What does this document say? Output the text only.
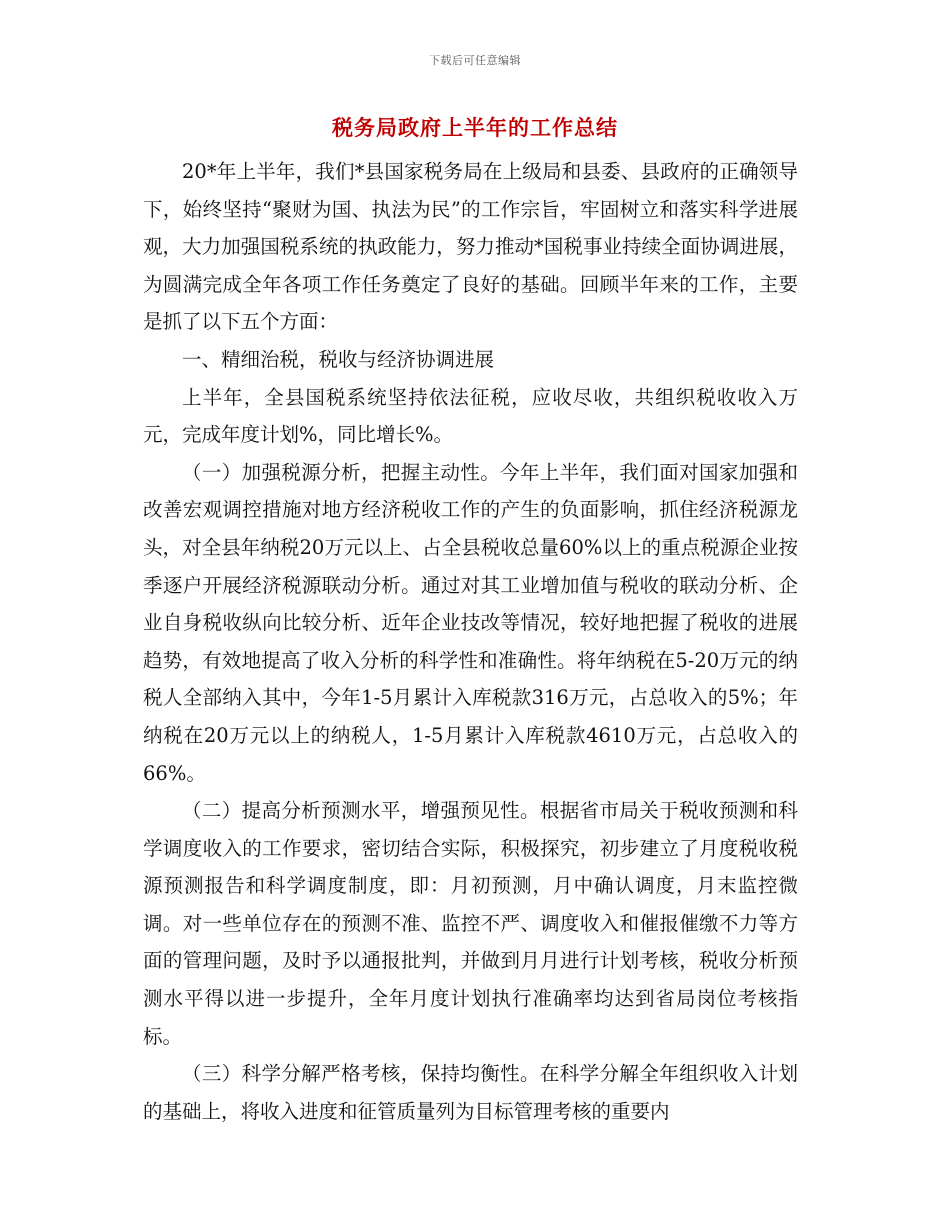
下载后可任意编辑
税务局政府上半年的工作总结

20*年上半年，我们*县国家税务局在上级局和县委、县政府的正确领导下，始终坚持“聚财为国、执法为民”的工作宗旨，牢固树立和落实科学进展观，大力加强国税系统的执政能力，努力推动*国税事业持续全面协调进展，为圆满完成全年各项工作任务奠定了良好的基础。回顾半年来的工作，主要是抓了以下五个方面：

一、精细治税，税收与经济协调进展

上半年，全县国税系统坚持依法征税，应收尽收，共组织税收收入万元，完成年度计划%，同比增长%。

（一）加强税源分析，把握主动性。今年上半年，我们面对国家加强和改善宏观调控措施对地方经济税收工作的产生的负面影响，抓住经济税源龙头，对全县年纳税20万元以上、占全县税收总量60%以上的重点税源企业按季逐户开展经济税源联动分析。通过对其工业增加值与税收的联动分析、企业自身税收纵向比较分析、近年企业技改等情况，较好地把握了税收的进展趋势，有效地提高了收入分析的科学性和准确性。将年纳税在5-20万元的纳税人全部纳入其中，今年1-5月累计入库税款316万元，占总收入的5%；年纳税在20万元以上的纳税人，1-5月累计入库税款4610万元，占总收入的66%。

（二）提高分析预测水平，增强预见性。根据省市局关于税收预测和科学调度收入的工作要求，密切结合实际，积极探究，初步建立了月度税收税源预测报告和科学调度制度，即：月初预测，月中确认调度，月末监控微调。对一些单位存在的预测不准、监控不严、调度收入和催报催缴不力等方面的管理问题，及时予以通报批判，并做到月月进行计划考核，税收分析预测水平得以进一步提升，全年月度计划执行准确率均达到省局岗位考核指标。

（三）科学分解严格考核，保持均衡性。在科学分解全年组织收入计划的基础上，将收入进度和征管质量列为目标管理考核的重要内
